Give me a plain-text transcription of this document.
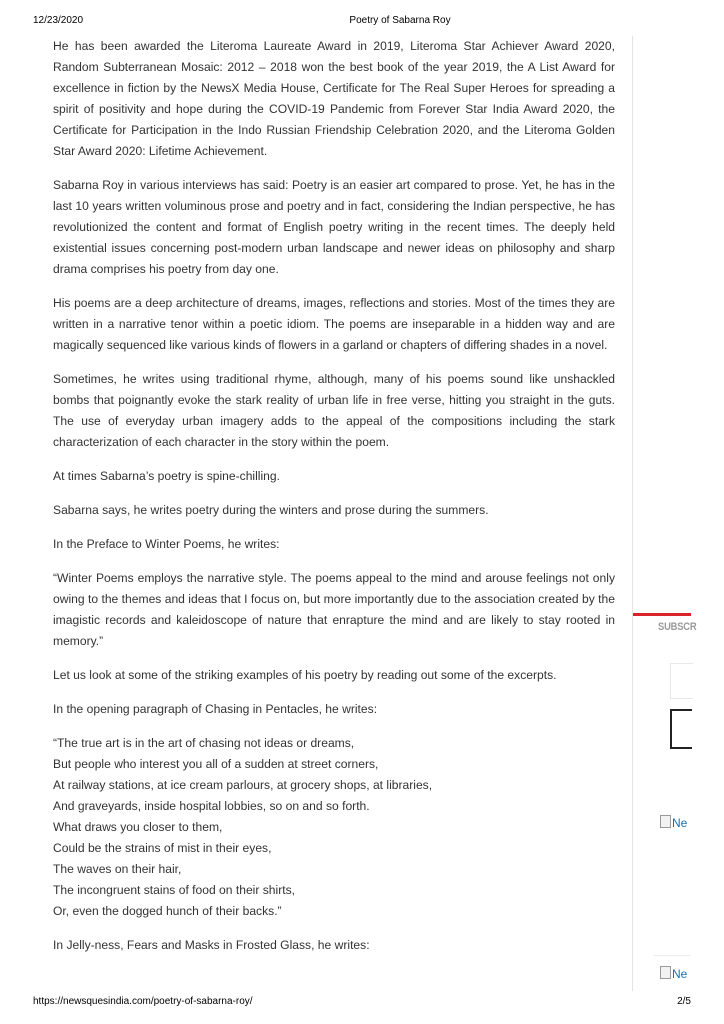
12/23/2020	Poetry of Sabarna Roy

He has been awarded the Literoma Laureate Award in 2019, Literoma Star Achiever Award 2020, Random Subterranean Mosaic: 2012 – 2018 won the best book of the year 2019, the A List Award for excellence in fiction by the NewsX Media House, Certificate for The Real Super Heroes for spreading a spirit of positivity and hope during the COVID-19 Pandemic from Forever Star India Award 2020, the Certificate for Participation in the Indo Russian Friendship Celebration 2020, and the Literoma Golden Star Award 2020: Lifetime Achievement.

Sabarna Roy in various interviews has said: Poetry is an easier art compared to prose. Yet, he has in the last 10 years written voluminous prose and poetry and in fact, considering the Indian perspective, he has revolutionized the content and format of English poetry writing in the recent times. The deeply held existential issues concerning post-modern urban landscape and newer ideas on philosophy and sharp drama comprises his poetry from day one.

His poems are a deep architecture of dreams, images, reflections and stories. Most of the times they are written in a narrative tenor within a poetic idiom. The poems are inseparable in a hidden way and are magically sequenced like various kinds of flowers in a garland or chapters of differing shades in a novel.

Sometimes, he writes using traditional rhyme, although, many of his poems sound like unshackled bombs that poignantly evoke the stark reality of urban life in free verse, hitting you straight in the guts. The use of everyday urban imagery adds to the appeal of the compositions including the stark characterization of each character in the story within the poem.

At times Sabarna’s poetry is spine-chilling.

Sabarna says, he writes poetry during the winters and prose during the summers.

In the Preface to Winter Poems, he writes:

“Winter Poems employs the narrative style. The poems appeal to the mind and arouse feelings not only owing to the themes and ideas that I focus on, but more importantly due to the association created by the imagistic records and kaleidoscope of nature that enrapture the mind and are likely to stay rooted in memory.”

Let us look at some of the striking examples of his poetry by reading out some of the excerpts.

In the opening paragraph of Chasing in Pentacles, he writes:

“The true art is in the art of chasing not ideas or dreams,
But people who interest you all of a sudden at street corners,
At railway stations, at ice cream parlours, at grocery shops, at libraries,
And graveyards, inside hospital lobbies, so on and so forth.
What draws you closer to them,
Could be the strains of mist in their eyes,
The waves on their hair,
The incongruent stains of food on their shirts,
Or, even the dogged hunch of their backs.”

In Jelly-ness, Fears and Masks in Frosted Glass, he writes:

SUBSCR
Ne
Ne
https://newsquesindia.com/poetry-of-sabarna-roy/	2/5
